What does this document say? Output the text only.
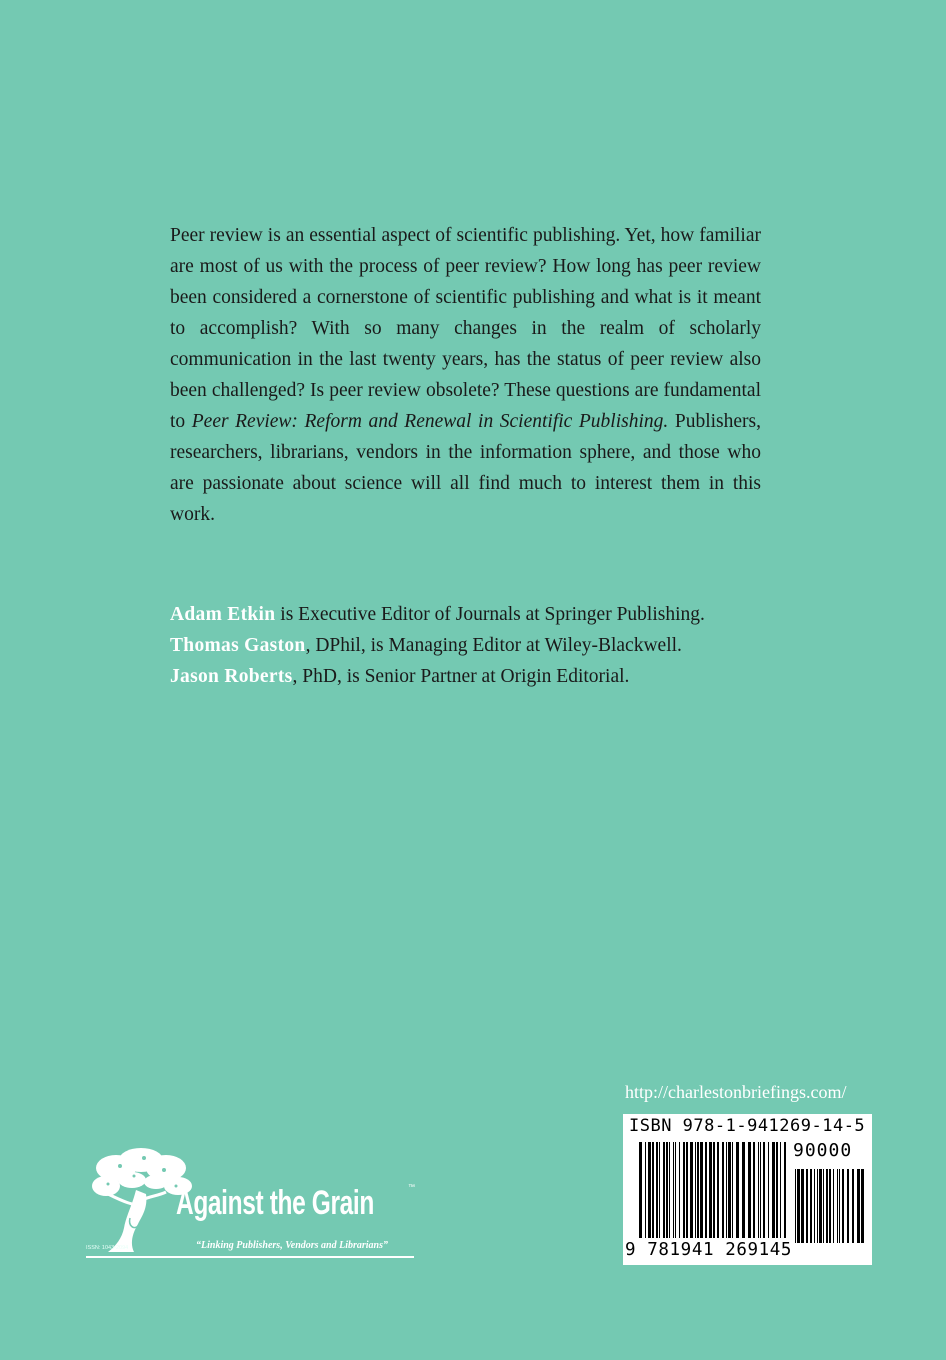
Peer review is an essential aspect of scientific publishing. Yet, how familiar are most of us with the process of peer review? How long has peer review been considered a cornerstone of scientific publishing and what is it meant to accomplish? With so many changes in the realm of scholarly communication in the last twenty years, has the status of peer review also been challenged? Is peer review obsolete? These questions are fundamental to Peer Review: Reform and Renewal in Scientific Publishing. Publishers, researchers, librarians, vendors in the information sphere, and those who are passionate about science will all find much to interest them in this work.
Adam Etkin is Executive Editor of Journals at Springer Publishing.
Thomas Gaston, DPhil, is Managing Editor at Wiley-Blackwell.
Jason Roberts, PhD, is Senior Partner at Origin Editorial.
http://charlestonbriefings.com/
ISBN 978-1-941269-14-5
90000
9 781941 269145
Against the Grain	™
“Linking Publishers, Vendors and Librarians”
ISSN: 1043-2094
